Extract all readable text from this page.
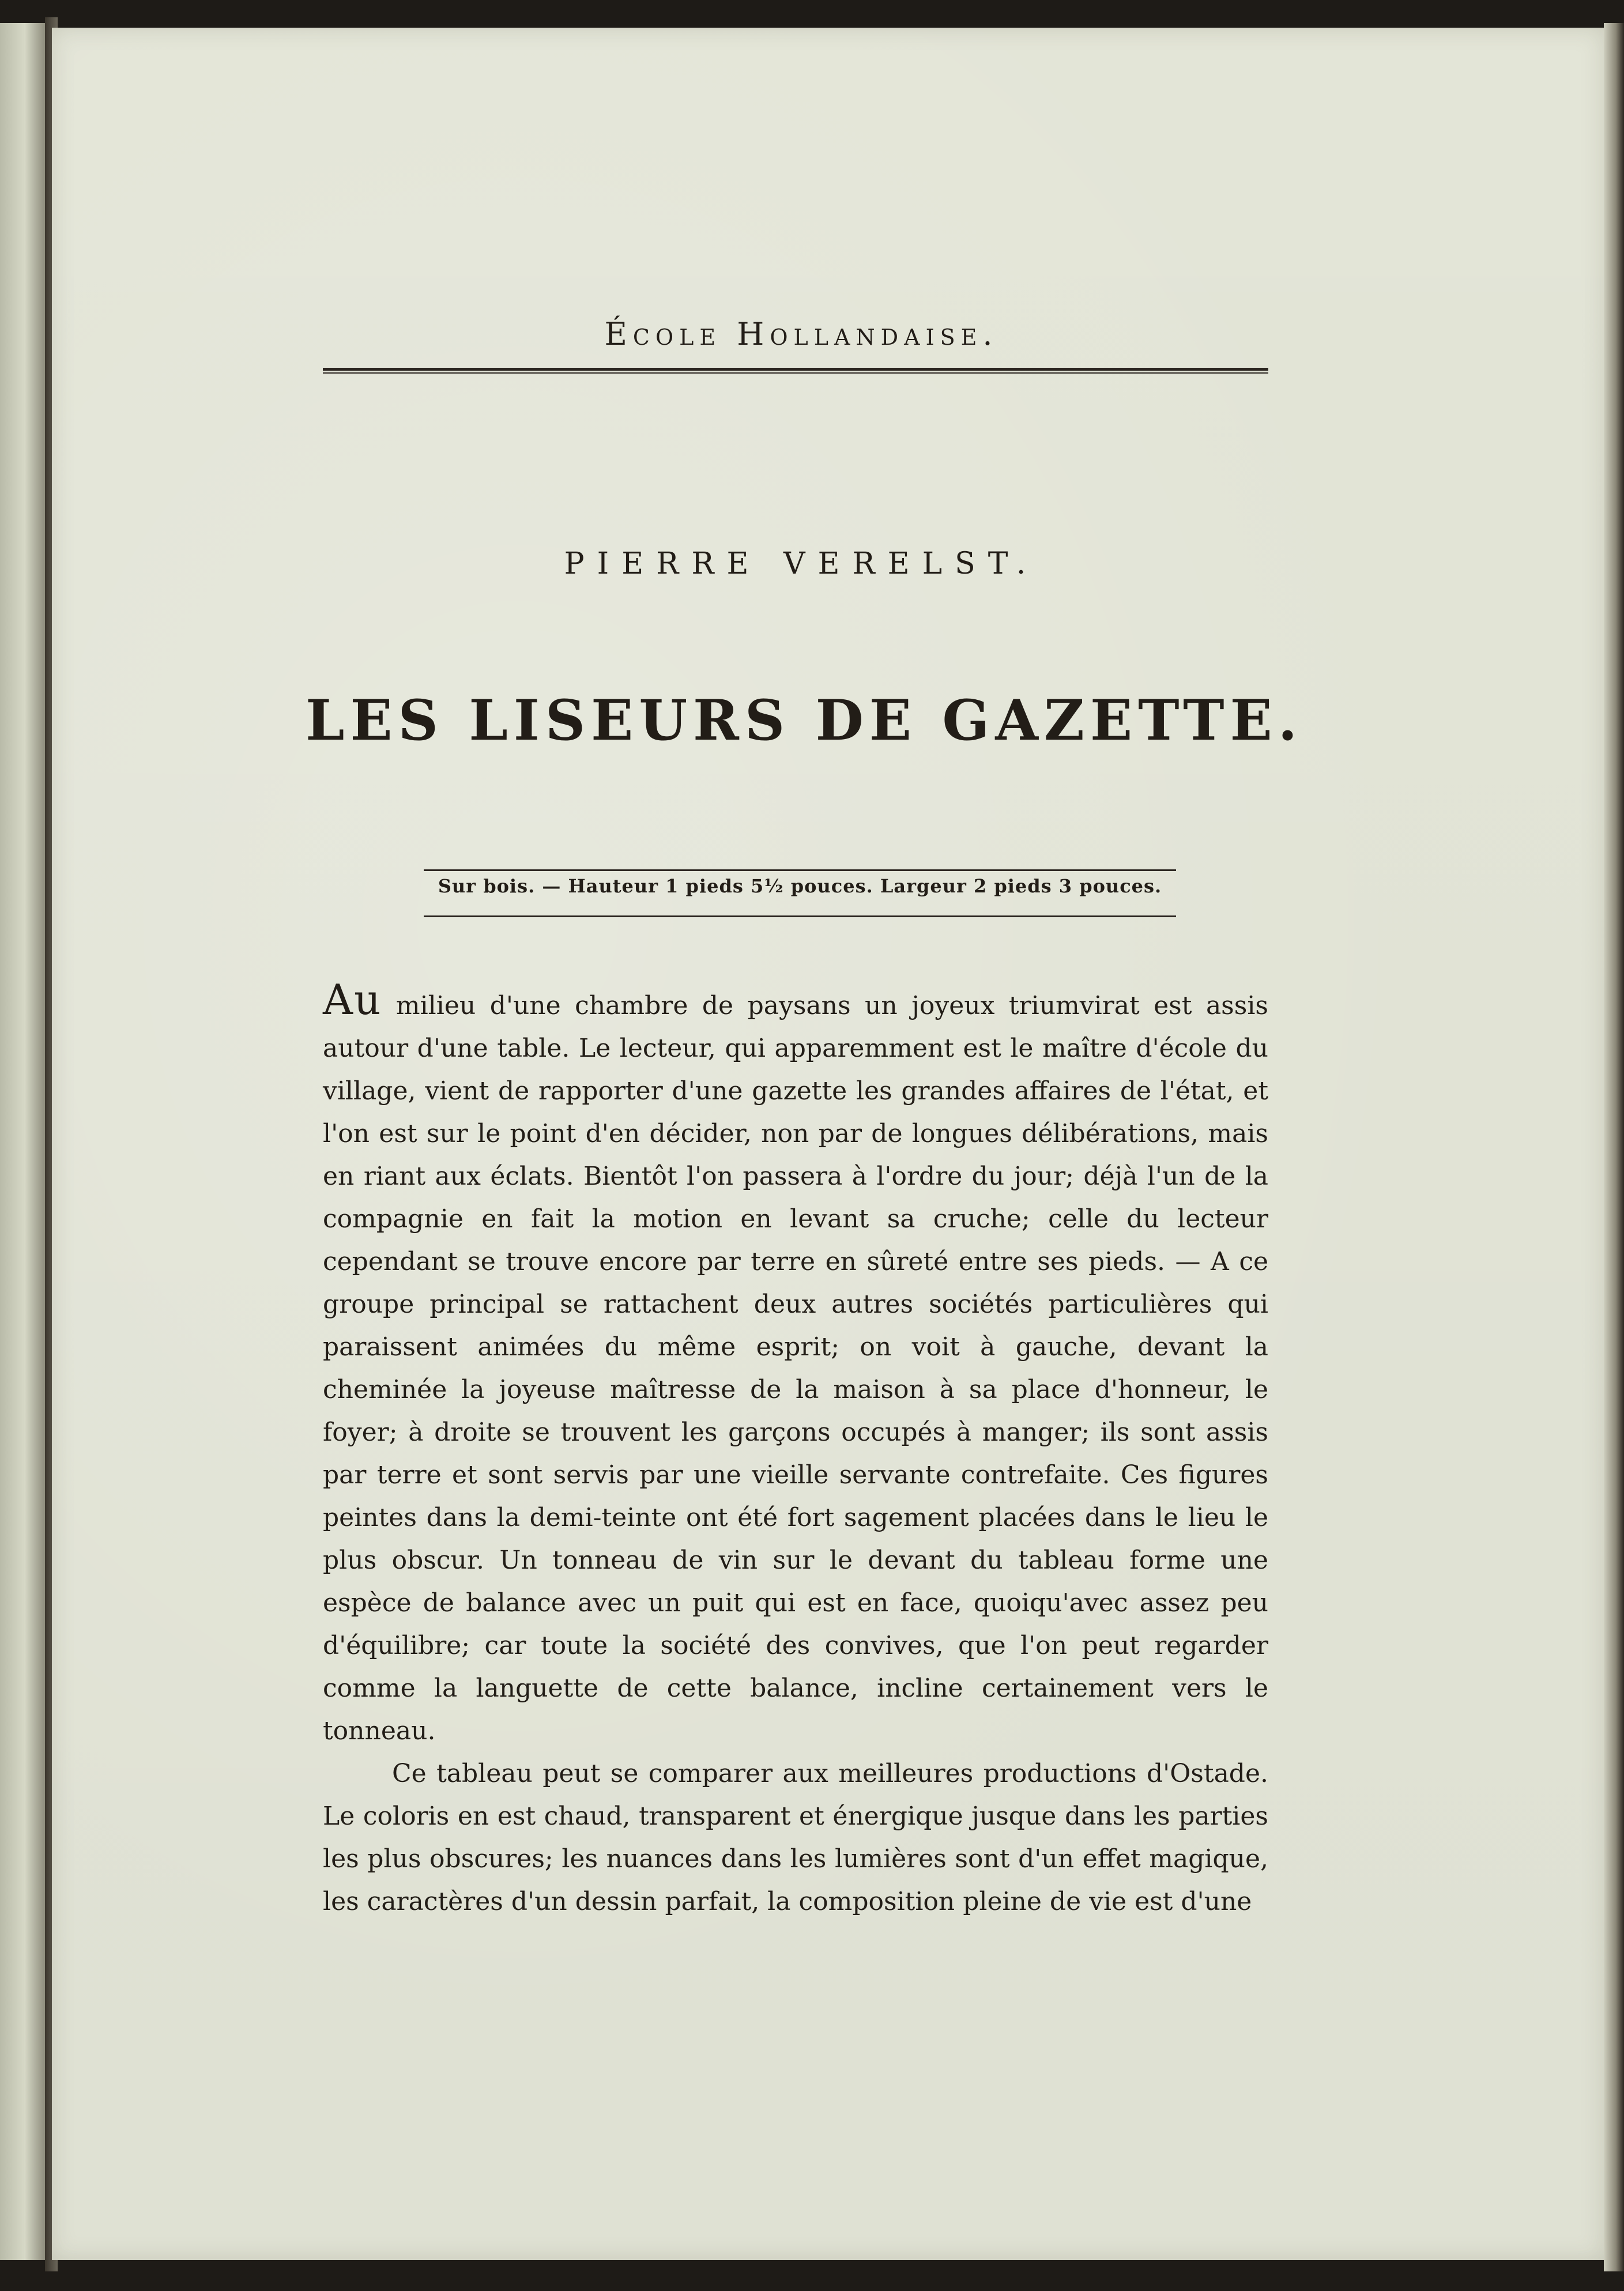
École Hollandaise.
PIERRE VERELST.
LES LISEURS DE GAZETTE.
Sur bois. — Hauteur 1 pieds 5½ pouces. Largeur 2 pieds 3 pouces.

Au milieu d'une chambre de paysans un joyeux triumvirat est assis autour d'une table. Le lecteur, qui apparemment est le maître d'école du village, vient de rapporter d'une gazette les grandes affaires de l'état, et l'on est sur le point d'en décider, non par de longues délibérations, mais en riant aux éclats. Bientôt l'on passera à l'ordre du jour; déjà l'un de la compagnie en fait la motion en levant sa cruche; celle du lecteur cependant se trouve encore par terre en sûreté entre ses pieds. — A ce groupe principal se rattachent deux autres sociétés particulières qui paraissent animées du même esprit; on voit à gauche, devant la cheminée la joyeuse maîtresse de la maison à sa place d'honneur, le foyer; à droite se trouvent les garçons occupés à manger; ils sont assis par terre et sont servis par une vieille servante contrefaite. Ces figures peintes dans la demi-teinte ont été fort sagement placées dans le lieu le plus obscur. Un tonneau de vin sur le devant du tableau forme une espèce de balance avec un puit qui est en face, quoiqu'avec assez peu d'équilibre; car toute la société des convives, que l'on peut regarder comme la languette de cette balance, incline certainement vers le tonneau.

Ce tableau peut se comparer aux meilleures productions d'Ostade. Le coloris en est chaud, transparent et énergique jusque dans les parties les plus obscures; les nuances dans les lumières sont d'un effet magique, les caractères d'un dessin parfait, la composition pleine de vie est d'une
